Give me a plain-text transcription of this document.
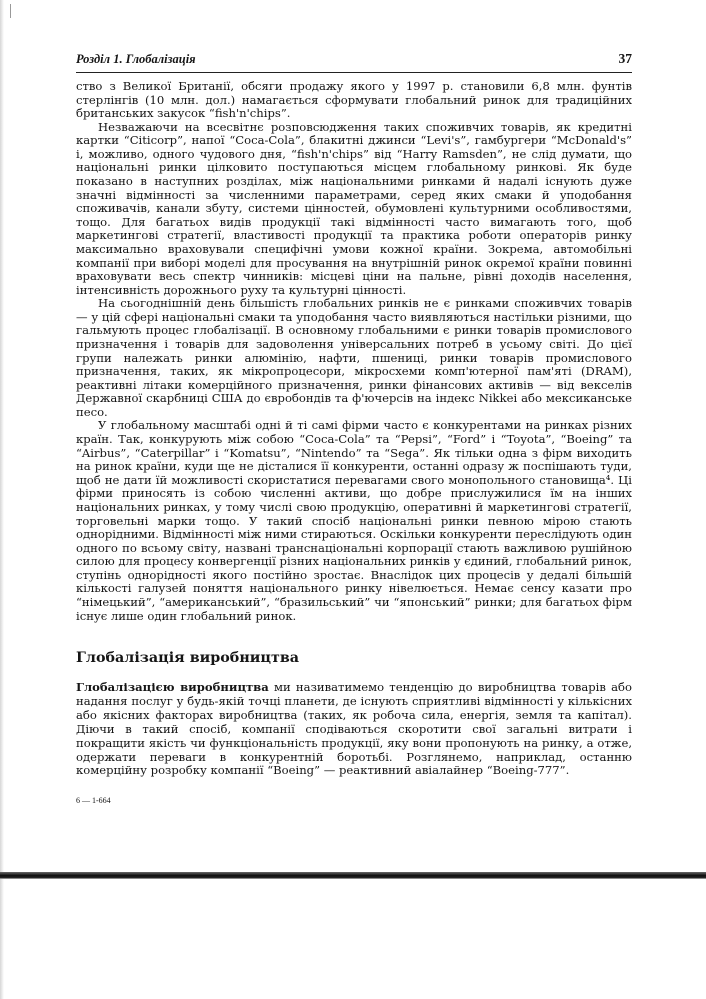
Розділ 1. Глобалізація	37

ство з Великої Британії, обсяги продажу якого у 1997 р. становили 6,8 млн. фунтів стерлінгів (10 млн. дол.) намагається сформувати глобальний ринок для традиційних британських закусок “fish'n'chips”.

Незважаючи на всесвітнє розповсюдження таких споживчих товарів, як кредитні картки “Citicorp”, напої “Coca-Cola”, блакитні джинси “Levi's”, гамбургери “McDonald's” і, можливо, одного чудового дня, “fish'n'chips” від “Harry Ramsden”, не слід думати, що національні ринки цілковито поступаються місцем глобальному ринкові. Як буде показано в наступних розділах, між національними ринками й надалі існують дуже значні відмінності за численними параметрами, серед яких смаки й уподобання споживачів, канали збуту, системи цінностей, обумовлені культурними особливостями, тощо. Для багатьох видів продукції такі відмінності часто вимагають того, щоб маркетингові стратегії, властивості продукції та практика роботи операторів ринку максимально враховували специфічні умови кожної країни. Зокрема, автомобільні компанії при виборі моделі для просування на внутрішній ринок окремої країни повинні враховувати весь спектр чинників: місцеві ціни на пальне, рівні доходів населення, інтенсивність дорожнього руху та культурні цінності.

На сьогоднішній день більшість глобальних ринків не є ринками споживчих товарів — у цій сфері національні смаки та уподобання часто виявляються настільки різними, що гальмують процес глобалізації. В основному глобальними є ринки товарів промислового призначення і товарів для задоволення універсальних потреб в усьому світі. До цієї групи належать ринки алюмінію, нафти, пшениці, ринки товарів промислового призначення, таких, як мікропроцесори, мікросхеми комп'ютерної пам'яті (DRAM), реактивні літаки комерційного призначення, ринки фінансових активів — від векселів Державної скарбниці США до євробондів та ф'ючерсів на індекс Nikkei або мексиканське песо.

У глобальному масштабі одні й ті самі фірми часто є конкурентами на ринках різних країн. Так, конкурують між собою “Coca-Cola” та “Pepsi”, “Ford” і “Toyota”, “Boeing” та “Airbus”, “Caterpillar” і “Komatsu”, “Nintendo” та “Sega”. Як тільки одна з фірм виходить на ринок країни, куди ще не дісталися її конкуренти, останні одразу ж поспішають туди, щоб не дати їй можливості скористатися перевагами свого монопольного становища⁴. Ці фірми приносять із собою численні активи, що добре прислужилися їм на інших національних ринках, у тому числі свою продукцію, оперативні й маркетингові стратегії, торговельні марки тощо. У такий спосіб національні ринки певною мірою стають однорідними. Відмінності між ними стираються. Оскільки конкуренти переслідують один одного по всьому світу, названі транснаціональні корпорації стають важливою рушійною силою для процесу конвергенції різних національних ринків у єдиний, глобальний ринок, ступінь однорідності якого постійно зростає. Внаслідок цих процесів у дедалі більшій кількості галузей поняття національного ринку нівелюється. Немає сенсу казати про “німецький”, “американський”, “бразильський” чи “японський” ринки; для багатьох фірм існує лише один глобальний ринок.

Глобалізація виробництва

Глобалізацією виробництва ми називатимемо тенденцію до виробництва товарів або надання послуг у будь-якій точці планети, де існують сприятливі відмінності у кількісних або якісних факторах виробництва (таких, як робоча сила, енергія, земля та капітал). Діючи в такий спосіб, компанії сподіваються скоротити свої загальні витрати і покращити якість чи функціональність продукції, яку вони пропонують на ринку, а отже, одержати переваги в конкурентній боротьбі. Розглянемо, наприклад, останню комерційну розробку компанії “Boeing” — реактивний авіалайнер “Boeing-777”.

6 — 1-664
